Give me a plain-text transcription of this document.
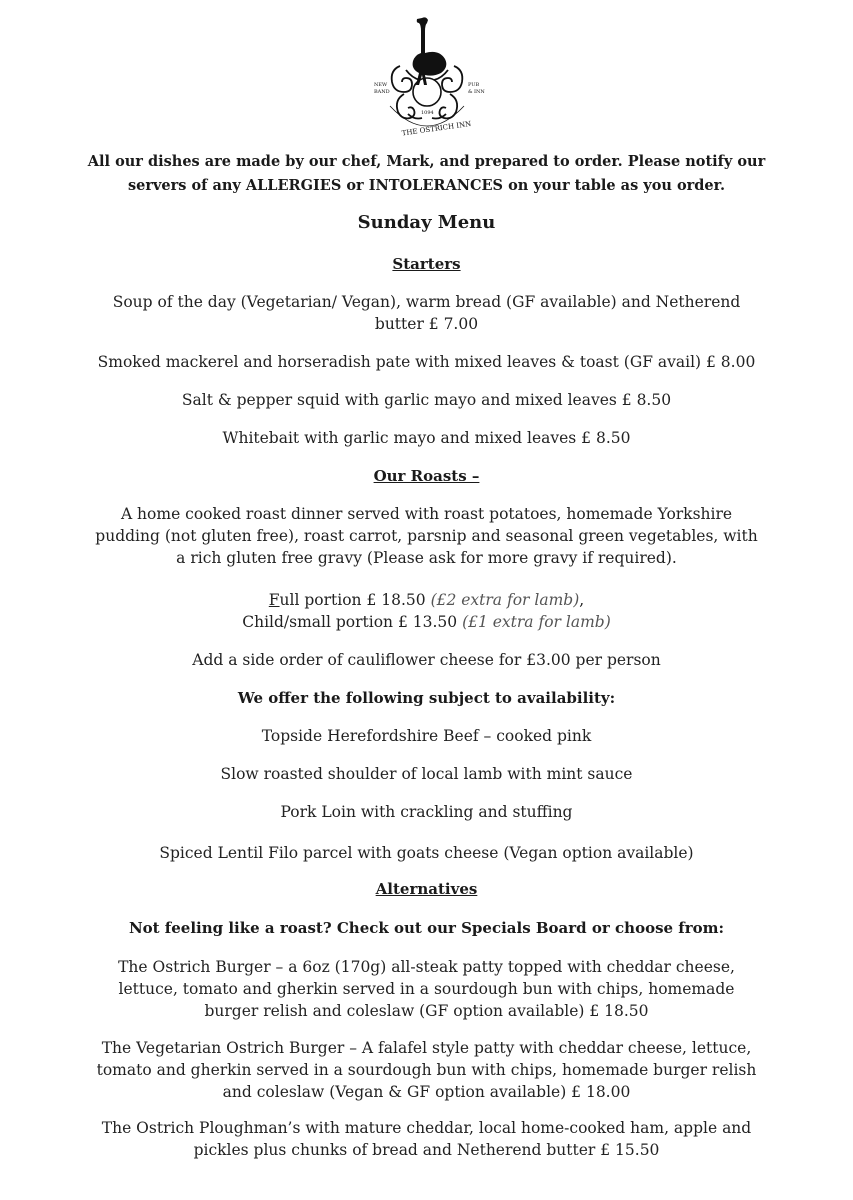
NEW
BAND
1094
PUB
& INN
THE OSTRICH INN
All our dishes are made by our chef, Mark, and prepared to order. Please notify our
servers of any ALLERGIES or INTOLERANCES on your table as you order.
Sunday Menu
Starters
Soup of the day (Vegetarian/ Vegan), warm bread (GF available) and Netherend
butter £ 7.00
Smoked mackerel and horseradish pate with mixed leaves & toast (GF avail) £ 8.00
Salt & pepper squid with garlic mayo and mixed leaves £ 8.50
Whitebait with garlic mayo and mixed leaves £ 8.50
Our Roasts –
A home cooked roast dinner served with roast potatoes, homemade Yorkshire
pudding (not gluten free), roast carrot, parsnip and seasonal green vegetables, with
a rich gluten free gravy (Please ask for more gravy if required).
Full portion £ 18.50 (£2 extra for lamb),
Child/small portion £ 13.50 (£1 extra for lamb)
Add a side order of cauliflower cheese for £3.00 per person
We offer the following subject to availability:
Topside Herefordshire Beef – cooked pink
Slow roasted shoulder of local lamb with mint sauce
Pork Loin with crackling and stuffing
Spiced Lentil Filo parcel with goats cheese (Vegan option available)
Alternatives
Not feeling like a roast? Check out our Specials Board or choose from:
The Ostrich Burger – a 6oz (170g) all-steak patty topped with cheddar cheese,
lettuce, tomato and gherkin served in a sourdough bun with chips, homemade
burger relish and coleslaw (GF option available) £ 18.50
The Vegetarian Ostrich Burger – A falafel style patty with cheddar cheese, lettuce,
tomato and gherkin served in a sourdough bun with chips, homemade burger relish
and coleslaw (Vegan & GF option available) £ 18.00
The Ostrich Ploughman’s with mature cheddar, local home-cooked ham, apple and
pickles plus chunks of bread and Netherend butter £ 15.50
